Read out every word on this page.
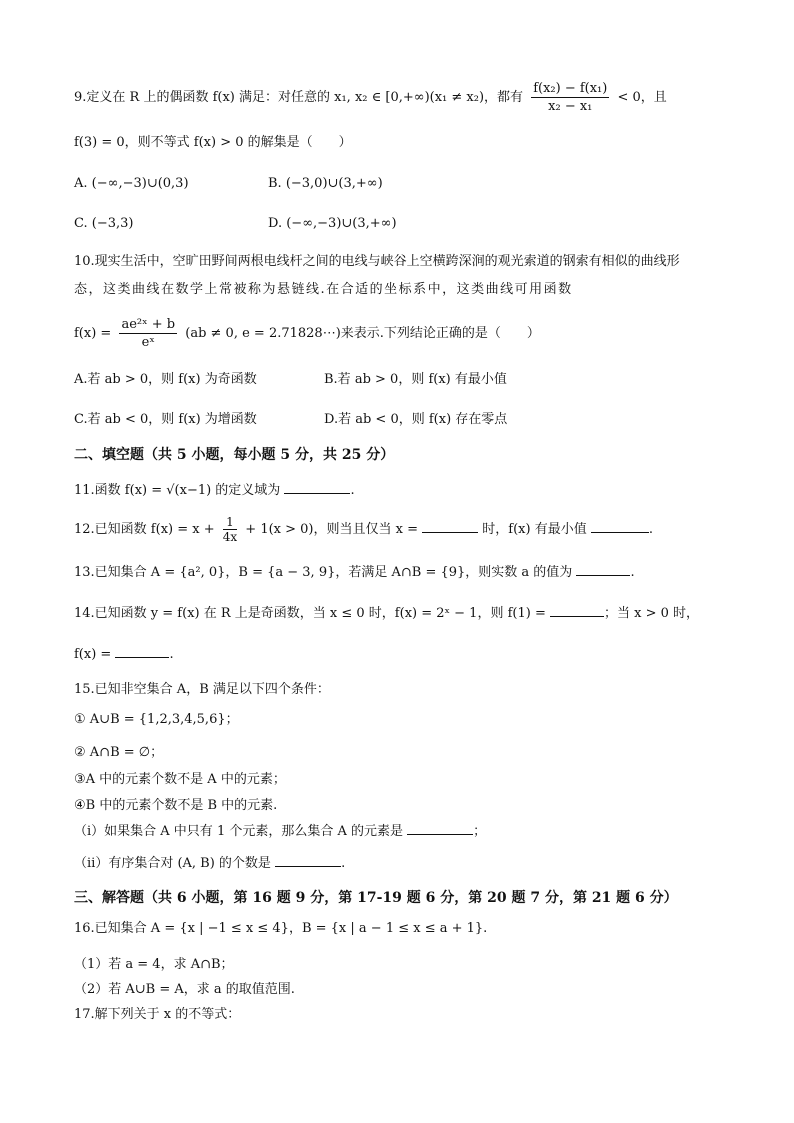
9.定义在 R 上的偶函数 f(x) 满足：对任意的 x₁, x₂ ∈ [0,+∞)(x₁ ≠ x₂)，都有 $\frac{\text{f(x₂) − f(x₁)}}{\text{x₂ − x₁}} < 0$，且
f(3) = 0，则不等式 f(x) > 0 的解集是（　　）
A. (−∞,−3)∪(0,3)	B. (−3,0)∪(3,+∞)
C. (−3,3)	D. (−∞,−3)∪(3,+∞)
10.现实生活中，空旷田野间两根电线杆之间的电线与峡谷上空横跨深涧的观光索道的钢索有相似的曲线形
态，这类曲线在数学上常被称为悬链线.在合适的坐标系中，这类曲线可用函数
$f(x) = \frac{\text{ae²ˣ + b}}{\text{eˣ}} (ab \ne 0$, e = 2.71828⋯)来表示.下列结论正确的是（　　）
A.若 ab > 0，则 f(x) 为奇函数	B.若 ab > 0，则 f(x) 有最小值
C.若 ab < 0，则 f(x) 为增函数	D.若 ab < 0，则 f(x) 存在零点
二、填空题（共 5 小题，每小题 5 分，共 25 分）
11.函数 f(x) = √(x−1) 的定义域为	.
12.已知函数 $f(x) = x + \frac{1}{4x} + 1(x > 0)$，则当且仅当 x =	时，f(x) 有最小值	.
13.已知集合 A = {a², 0}，B = {a − 3, 9}，若满足 A∩B = {9}，则实数 a 的值为	.
14.已知函数 y = f(x) 在 R 上是奇函数，当 x ≤ 0 时，f(x) = 2ˣ − 1，则 f(1) =	；当 x > 0 时，
f(x) =	.
15.已知非空集合 A，B 满足以下四个条件：
① A∪B = {1,2,3,4,5,6}；
② A∩B = ∅；
③A 中的元素个数不是 A 中的元素；
④B 中的元素个数不是 B 中的元素.
（ⅰ）如果集合 A 中只有 1 个元素，那么集合 A 的元素是	；
（ⅱ）有序集合对 (A, B) 的个数是	.
三、解答题（共 6 小题，第 16 题 9 分，第 17-19 题 6 分，第 20 题 7 分，第 21 题 6 分）
16.已知集合 A = {x | −1 ≤ x ≤ 4}，B = {x | a − 1 ≤ x ≤ a + 1}.
（1）若 a = 4，求 A∩B；
（2）若 A∪B = A，求 a 的取值范围.
17.解下列关于 x 的不等式：
